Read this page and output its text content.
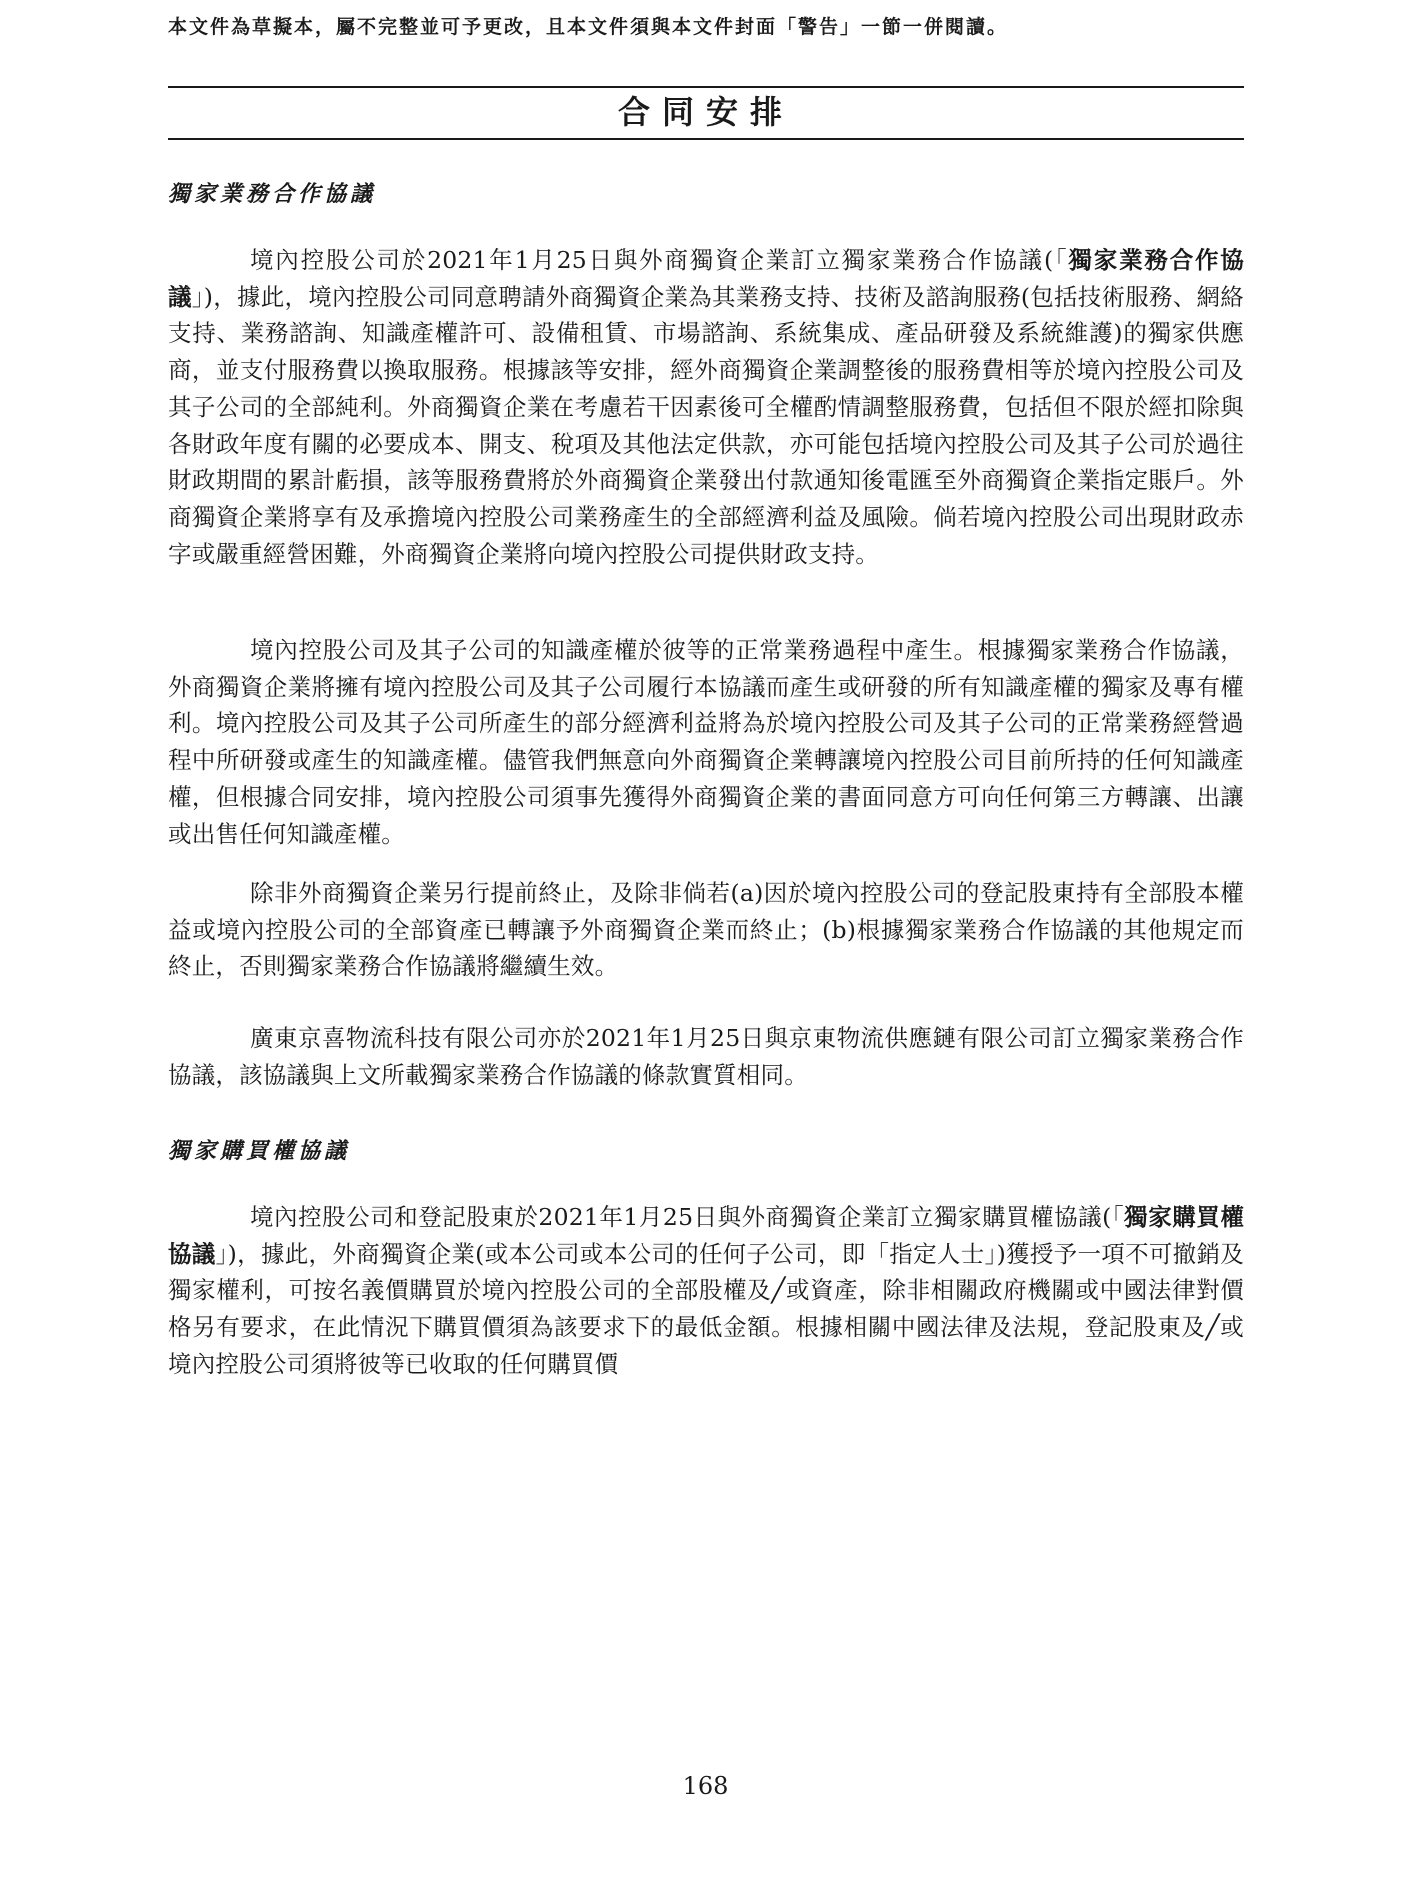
本文件為草擬本，屬不完整並可予更改，且本文件須與本文件封面「警告」一節一併閱讀。
合同安排
獨家業務合作協議

境內控股公司於2021年1月25日與外商獨資企業訂立獨家業務合作協議(「獨家業務合作協議」)，據此，境內控股公司同意聘請外商獨資企業為其業務支持、技術及諮詢服務(包括技術服務、網絡支持、業務諮詢、知識產權許可、設備租賃、市場諮詢、系統集成、產品研發及系統維護)的獨家供應商，並支付服務費以換取服務。根據該等安排，經外商獨資企業調整後的服務費相等於境內控股公司及其子公司的全部純利。外商獨資企業在考慮若干因素後可全權酌情調整服務費，包括但不限於經扣除與各財政年度有關的必要成本、開支、稅項及其他法定供款，亦可能包括境內控股公司及其子公司於過往財政期間的累計虧損，該等服務費將於外商獨資企業發出付款通知後電匯至外商獨資企業指定賬戶。外商獨資企業將享有及承擔境內控股公司業務產生的全部經濟利益及風險。倘若境內控股公司出現財政赤字或嚴重經營困難，外商獨資企業將向境內控股公司提供財政支持。

境內控股公司及其子公司的知識產權於彼等的正常業務過程中產生。根據獨家業務合作協議，外商獨資企業將擁有境內控股公司及其子公司履行本協議而產生或研發的所有知識產權的獨家及專有權利。境內控股公司及其子公司所產生的部分經濟利益將為於境內控股公司及其子公司的正常業務經營過程中所研發或產生的知識產權。儘管我們無意向外商獨資企業轉讓境內控股公司目前所持的任何知識產權，但根據合同安排，境內控股公司須事先獲得外商獨資企業的書面同意方可向任何第三方轉讓、出讓或出售任何知識產權。

除非外商獨資企業另行提前終止，及除非倘若(a)因於境內控股公司的登記股東持有全部股本權益或境內控股公司的全部資產已轉讓予外商獨資企業而終止；(b)根據獨家業務合作協議的其他規定而終止，否則獨家業務合作協議將繼續生效。

廣東京喜物流科技有限公司亦於2021年1月25日與京東物流供應鏈有限公司訂立獨家業務合作協議，該協議與上文所載獨家業務合作協議的條款實質相同。

獨家購買權協議

境內控股公司和登記股東於2021年1月25日與外商獨資企業訂立獨家購買權協議(「獨家購買權協議」)，據此，外商獨資企業(或本公司或本公司的任何子公司，即「指定人士」)獲授予一項不可撤銷及獨家權利，可按名義價購買於境內控股公司的全部股權及╱或資產，除非相關政府機關或中國法律對價格另有要求，在此情況下購買價須為該要求下的最低金額。根據相關中國法律及法規，登記股東及╱或境內控股公司須將彼等已收取的任何購買價

168
